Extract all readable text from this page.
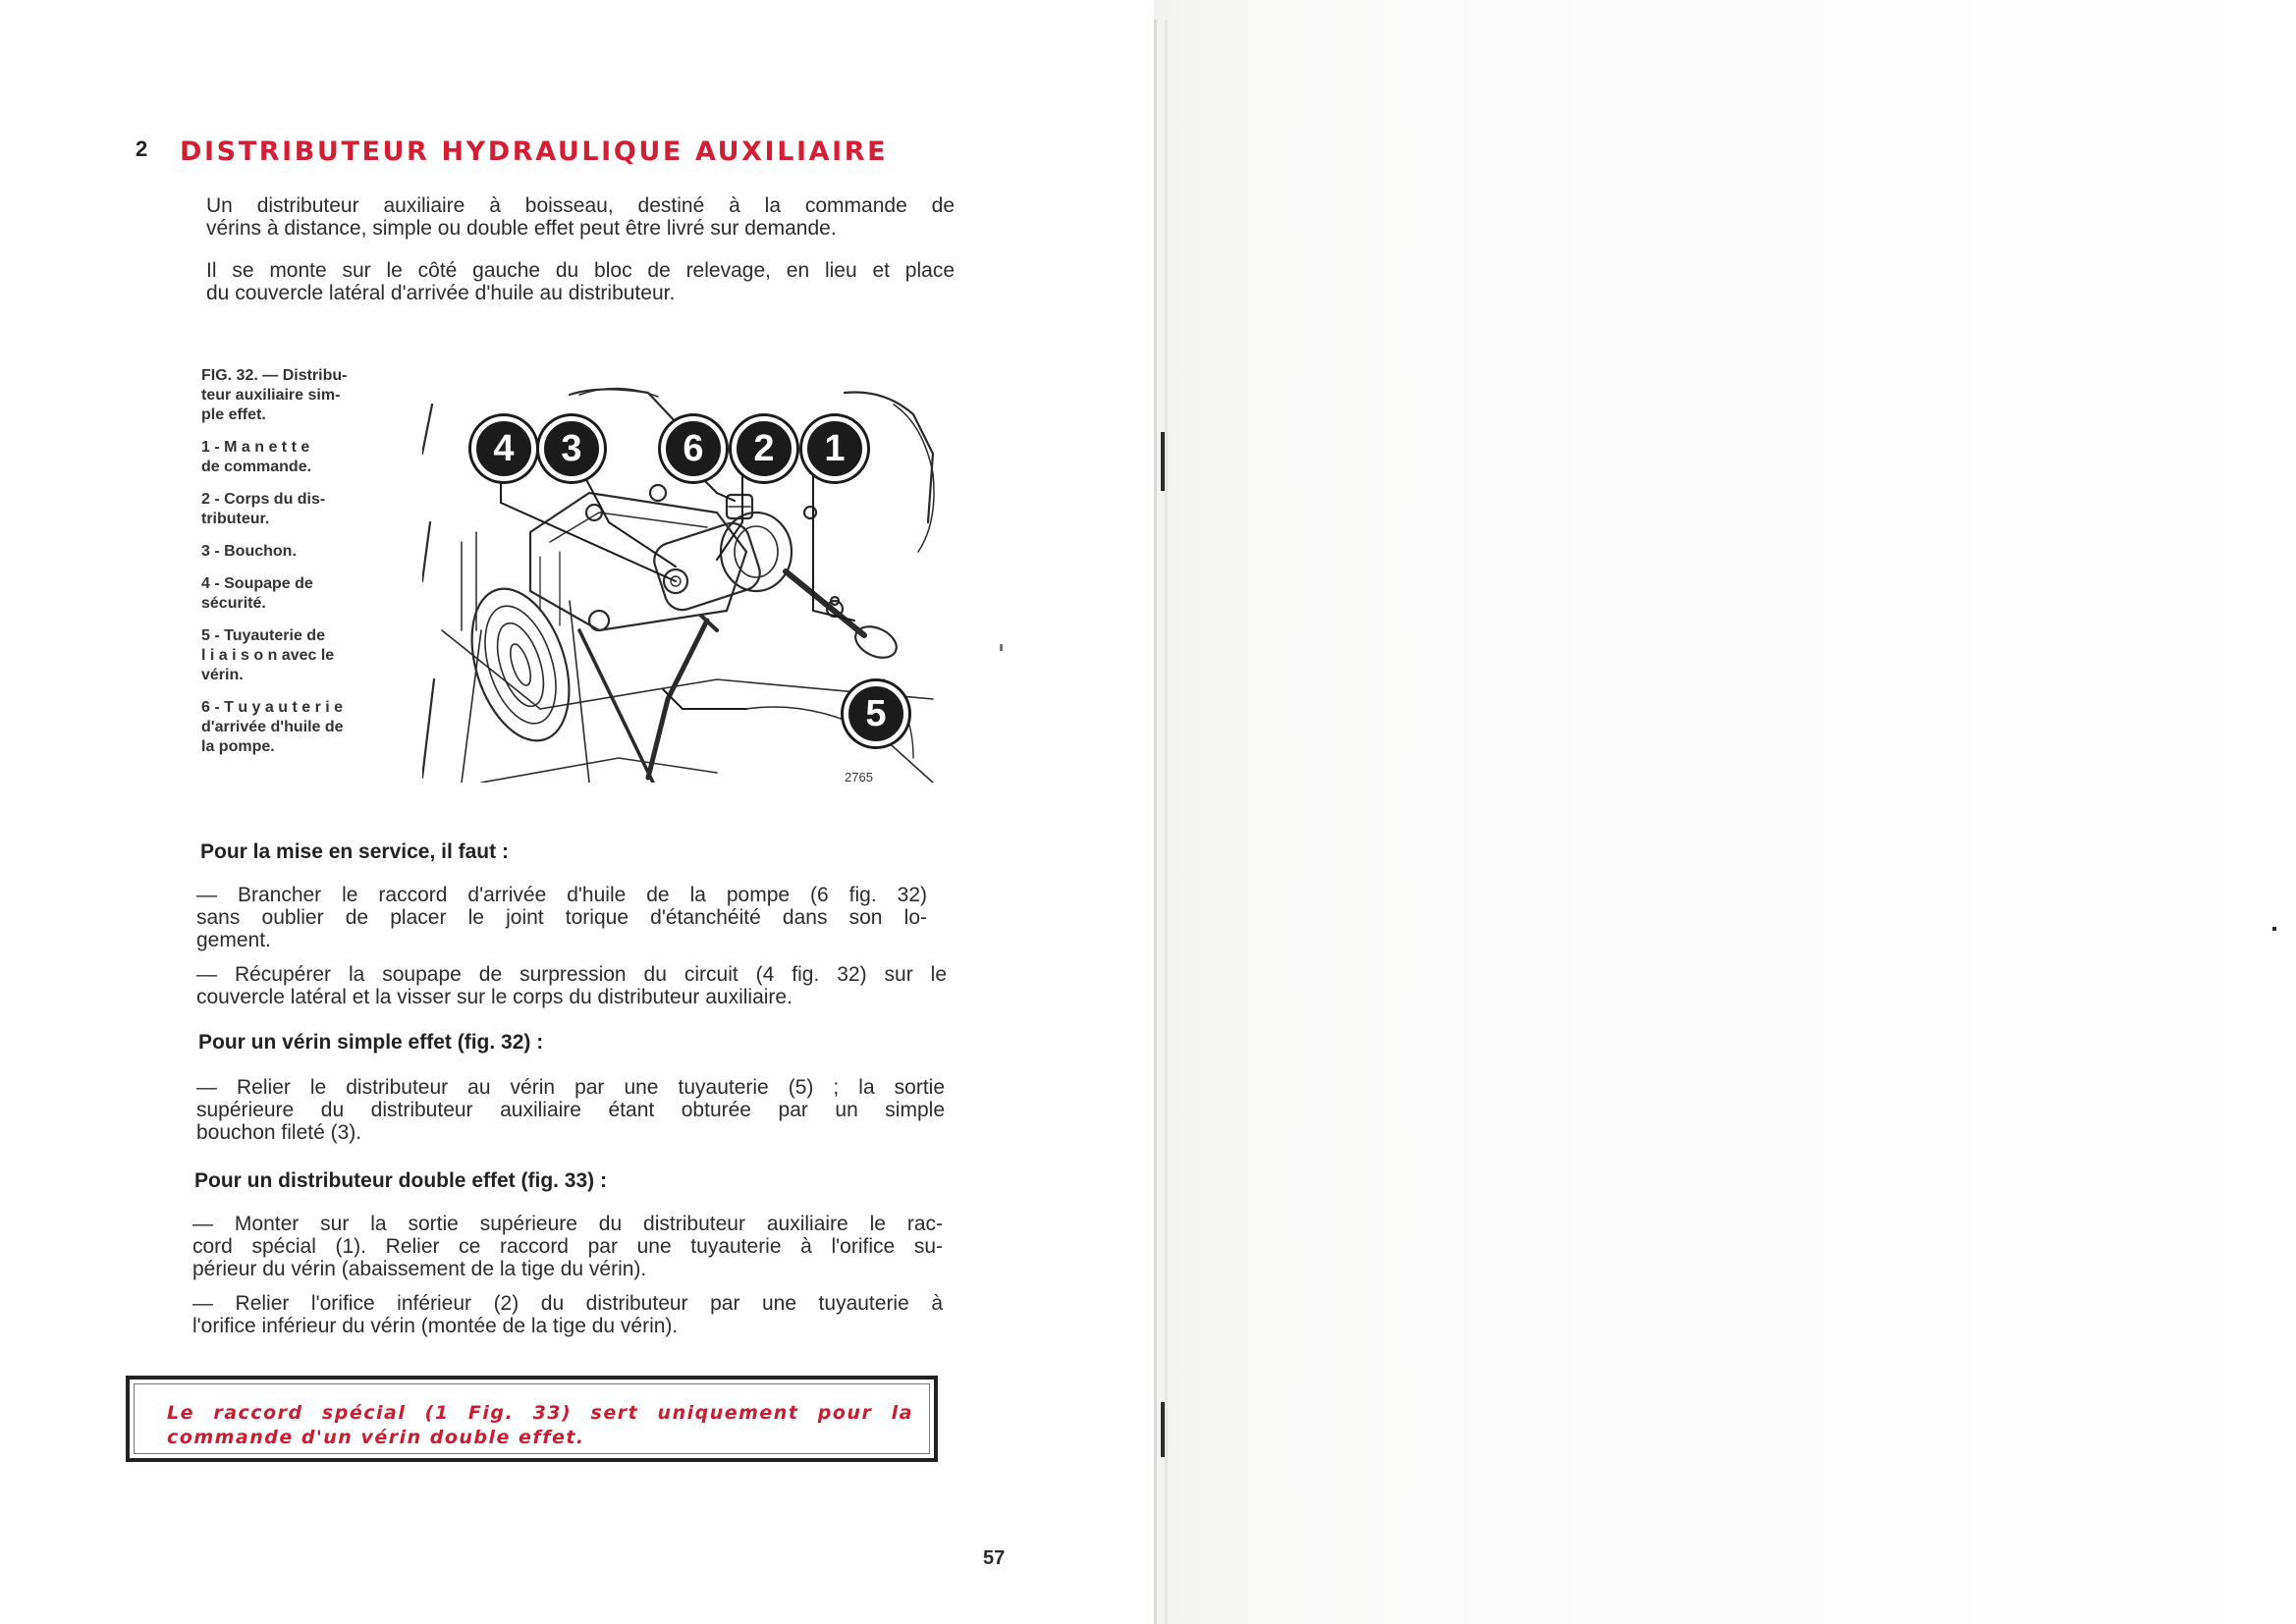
2 DISTRIBUTEUR HYDRAULIQUE AUXILIAIRE

Un distributeur auxiliaire à boisseau, destiné à la commande de
vérins à distance, simple ou double effet peut être livré sur demande.

Il se monte sur le côté gauche du bloc de relevage, en lieu et place
du couvercle latéral d'arrivée d'huile au distributeur.

FIG. 32. — Distribu-
teur auxiliaire sim-
ple effet.
1 - M a n e t t e
de commande.
2 - Corps du dis-
tributeur.
3 - Bouchon.
4 - Soupape de
sécurité.
5 - Tuyauterie de
l i a i s o n avec le
vérin.
6 - T u y a u t e r i e
d'arrivée d'huile de
la pompe.
4	3	6	2	1
5
2765
Pour la mise en service, il faut :

— Brancher le raccord d'arrivée d'huile de la pompe (6 fig. 32)
sans oublier de placer le joint torique d'étanchéité dans son lo-
gement.

— Récupérer la soupape de surpression du circuit (4 fig. 32) sur le
couvercle latéral et la visser sur le corps du distributeur auxiliaire.

Pour un vérin simple effet (fig. 32) :

— Relier le distributeur au vérin par une tuyauterie (5) ; la sortie
supérieure du distributeur auxiliaire étant obturée par un simple
bouchon fileté (3).

Pour un distributeur double effet (fig. 33) :

— Monter sur la sortie supérieure du distributeur auxiliaire le rac-
cord spécial (1). Relier ce raccord par une tuyauterie à l'orifice su-
périeur du vérin (abaissement de la tige du vérin).

— Relier l'orifice inférieur (2) du distributeur par une tuyauterie à
l'orifice inférieur du vérin (montée de la tige du vérin).

Le raccord spécial (1 Fig. 33) sert uniquement pour la
commande d'un vérin double effet.
57
